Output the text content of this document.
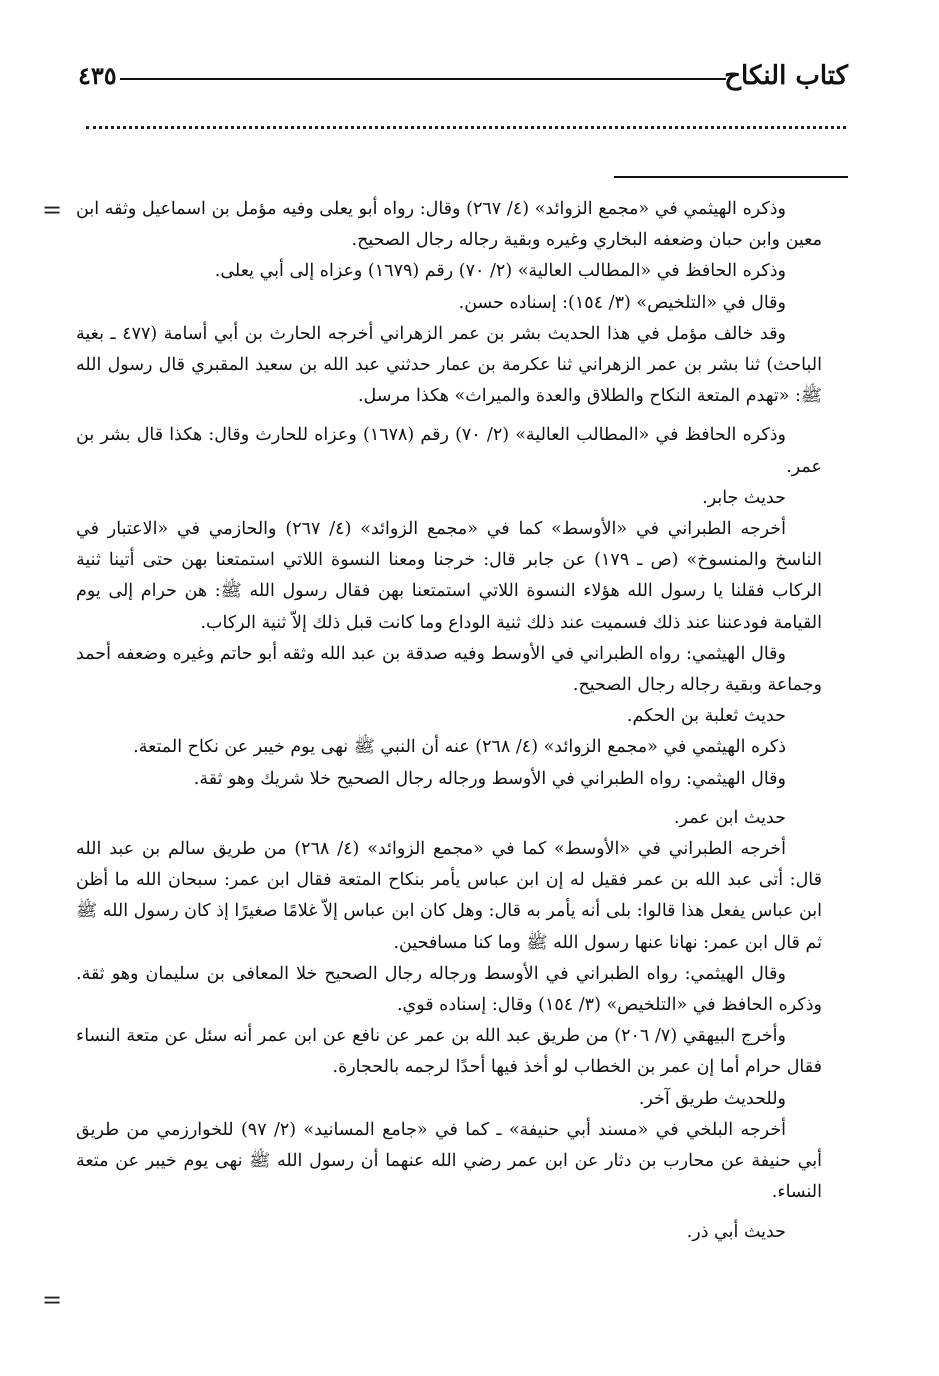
كتاب النكاح
٤٣٥
=
=

وذكره الهيثمي في «مجمع الزوائد» (٤/ ٢٦٧) وقال: رواه أبو يعلى وفيه مؤمل بن اسماعيل وثقه ابن معين وابن حبان وضعفه البخاري وغيره وبقية رجاله رجال الصحيح.

وذكره الحافظ في «المطالب العالية» (٢/ ٧٠) رقم (١٦٧٩) وعزاه إلى أبي يعلى.

وقال في «التلخيص» (٣/ ١٥٤): إسناده حسن.

وقد خالف مؤمل في هذا الحديث بشر بن عمر الزهراني أخرجه الحارث بن أبي أسامة (٤٧٧ ـ بغية الباحث) ثنا بشر بن عمر الزهراني ثنا عكرمة بن عمار حدثني عبد الله بن سعيد المقبري قال رسول الله ﷺ: «تهدم المتعة النكاح والطلاق والعدة والميراث» هكذا مرسل.

وذكره الحافظ في «المطالب العالية» (٢/ ٧٠) رقم (١٦٧٨) وعزاه للحارث وقال: هكذا قال بشر بن عمر.

حديث جابر.

أخرجه الطبراني في «الأوسط» كما في «مجمع الزوائد» (٤/ ٢٦٧) والحازمي في «الاعتبار في الناسخ والمنسوخ» (ص ـ ١٧٩) عن جابر قال: خرجنا ومعنا النسوة اللاتي استمتعنا بهن حتى أتينا ثنية الركاب فقلنا يا رسول الله هؤلاء النسوة اللاتي استمتعنا بهن فقال رسول الله ﷺ: هن حرام إلى يوم القيامة فودعننا عند ذلك فسميت عند ذلك ثنية الوداع وما كانت قبل ذلك إلاّ ثنية الركاب.

وقال الهيثمي: رواه الطبراني في الأوسط وفيه صدقة بن عبد الله وثقه أبو حاتم وغيره وضعفه أحمد وجماعة وبقية رجاله رجال الصحيح.

حديث ثعلبة بن الحكم.

ذكره الهيثمي في «مجمع الزوائد» (٤/ ٢٦٨) عنه أن النبي ﷺ نهى يوم خيبر عن نكاح المتعة.

وقال الهيثمي: رواه الطبراني في الأوسط ورجاله رجال الصحيح خلا شريك وهو ثقة.

حديث ابن عمر.

أخرجه الطبراني في «الأوسط» كما في «مجمع الزوائد» (٤/ ٢٦٨) من طريق سالم بن عبد الله قال: أتى عبد الله بن عمر فقيل له إن ابن عباس يأمر بنكاح المتعة فقال ابن عمر: سبحان الله ما أظن ابن عباس يفعل هذا قالوا: بلى أنه يأمر به قال: وهل كان ابن عباس إلاّ غلامًا صغيرًا إذ كان رسول الله ﷺ ثم قال ابن عمر: نهانا عنها رسول الله ﷺ وما كنا مسافحين.

وقال الهيثمي: رواه الطبراني في الأوسط ورجاله رجال الصحيح خلا المعافى بن سليمان وهو ثقة. وذكره الحافظ في «التلخيص» (٣/ ١٥٤) وقال: إسناده قوي.

وأخرج البيهقي (٧/ ٢٠٦) من طريق عبد الله بن عمر عن نافع عن ابن عمر أنه سئل عن متعة النساء فقال حرام أما إن عمر بن الخطاب لو أخذ فيها أحدًا لرجمه بالحجارة.

وللحديث طريق آخر.

أخرجه البلخي في «مسند أبي حنيفة» ـ كما في «جامع المسانيد» (٢/ ٩٧) للخوارزمي من طريق أبي حنيفة عن محارب بن دثار عن ابن عمر رضي الله عنهما أن رسول الله ﷺ نهى يوم خيبر عن متعة النساء.

حديث أبي ذر.
